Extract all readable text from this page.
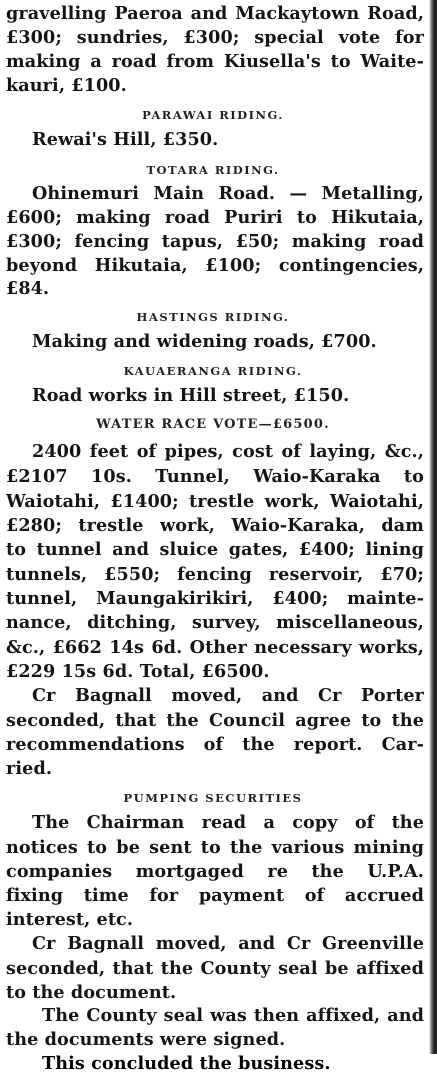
gravelling Paeroa and Mackaytown Road,
£300; sundries, £300; special vote for
making a road from Kiusella's to Waite-
kauri, £100.
PARAWAI RIDING.
Rewai's Hill, £350.
TOTARA RIDING.
Ohinemuri Main Road. — Metalling,
£600; making road Puriri to Hikutaia,
£300; fencing tapus, £50; making road
beyond Hikutaia, £100; contingencies,
£84.
HASTINGS RIDING.
Making and widening roads, £700.
KAUAERANGA RIDING.
Road works in Hill street, £150.
WATER RACE VOTE—£6500.
2400 feet of pipes, cost of laying, &c.,
£2107 10s. Tunnel, Waio-Karaka to
Waiotahi, £1400; trestle work, Waiotahi,
£280; trestle work, Waio-Karaka, dam
to tunnel and sluice gates, £400; lining
tunnels, £550; fencing reservoir, £70;
tunnel, Maungakirikiri, £400; mainte-
nance, ditching, survey, miscellaneous,
&c., £662 14s 6d. Other necessary works,
£229 15s 6d. Total, £6500.
Cr Bagnall moved, and Cr Porter
seconded, that the Council agree to the
recommendations of the report. Car-
ried.
PUMPING SECURITIES
The Chairman read a copy of the
notices to be sent to the various mining
companies mortgaged re the U.P.A.
fixing time for payment of accrued
interest, etc.
Cr Bagnall moved, and Cr Greenville
seconded, that the County seal be affixed
to the document.
The County seal was then affixed, and
the documents were signed.
This concluded the business.
